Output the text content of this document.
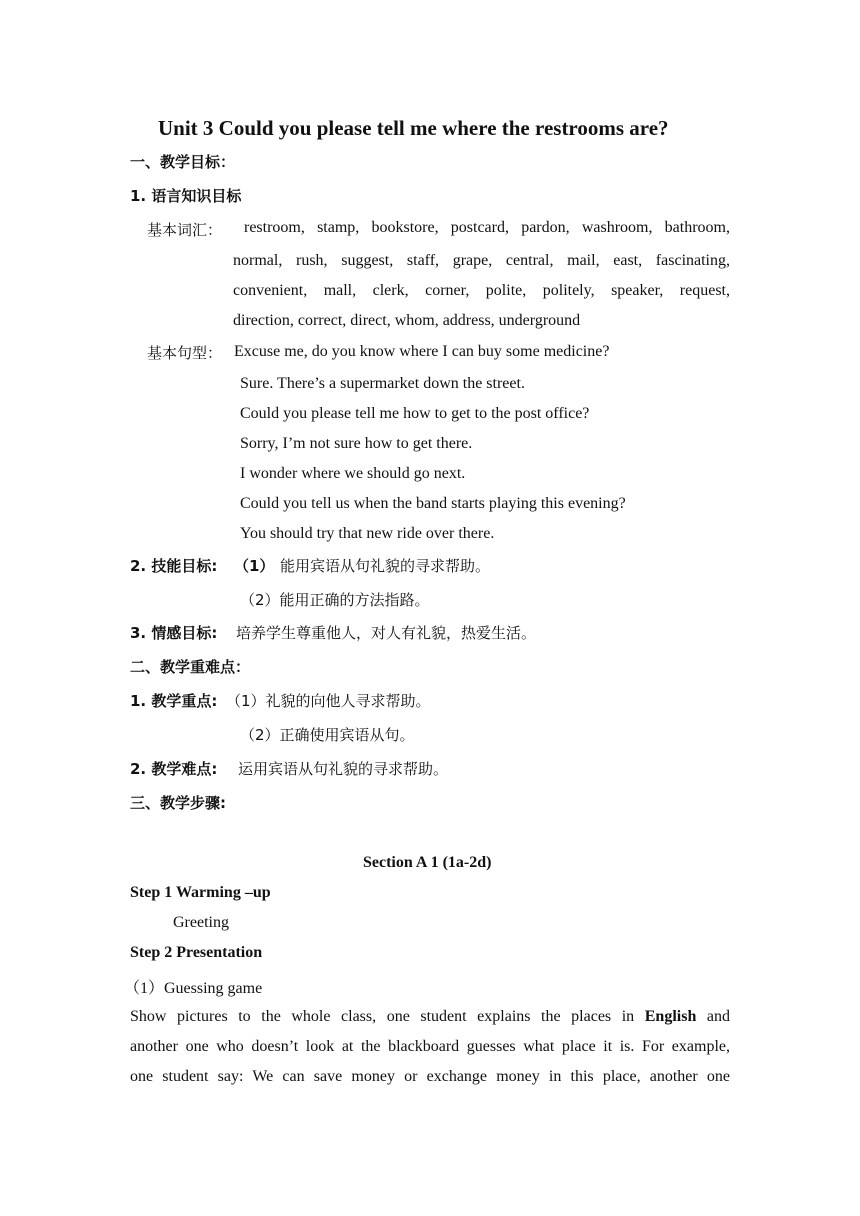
Unit 3 Could you please tell me where the restrooms are?
一、教学目标：
1. 语言知识目标
基本词汇： restroom, stamp, bookstore, postcard, pardon, washroom, bathroom,
normal, rush, suggest, staff, grape, central, mail, east, fascinating,
convenient, mall, clerk, corner, polite, politely, speaker, request,
direction, correct, direct, whom, address, underground
基本句型： Excuse me, do you know where I can buy some medicine?
Sure. There’s a supermarket down the street.
Could you please tell me how to get to the post office?
Sorry, I’m not sure how to get there.
I wonder where we should go next.
Could you tell us when the band starts playing this evening?
You should try that new ride over there.
2. 技能目标: （1） 能用宾语从句礼貌的寻求帮助。
（2）能用正确的方法指路。
3. 情感目标: 培养学生尊重他人，对人有礼貌，热爱生活。
二、教学重难点：
1. 教学重点: （1）礼貌的向他人寻求帮助。
（2）正确使用宾语从句。
2. 教学难点: 运用宾语从句礼貌的寻求帮助。
三、教学步骤:
Section A 1 (1a-2d)
Step 1 Warming –up
Greeting
Step 2 Presentation
（1）Guessing game
Show pictures to the whole class, one student explains the places in English and
another one who doesn’t look at the blackboard guesses what place it is. For example,
one student say: We can save money or exchange money in this place, another one
